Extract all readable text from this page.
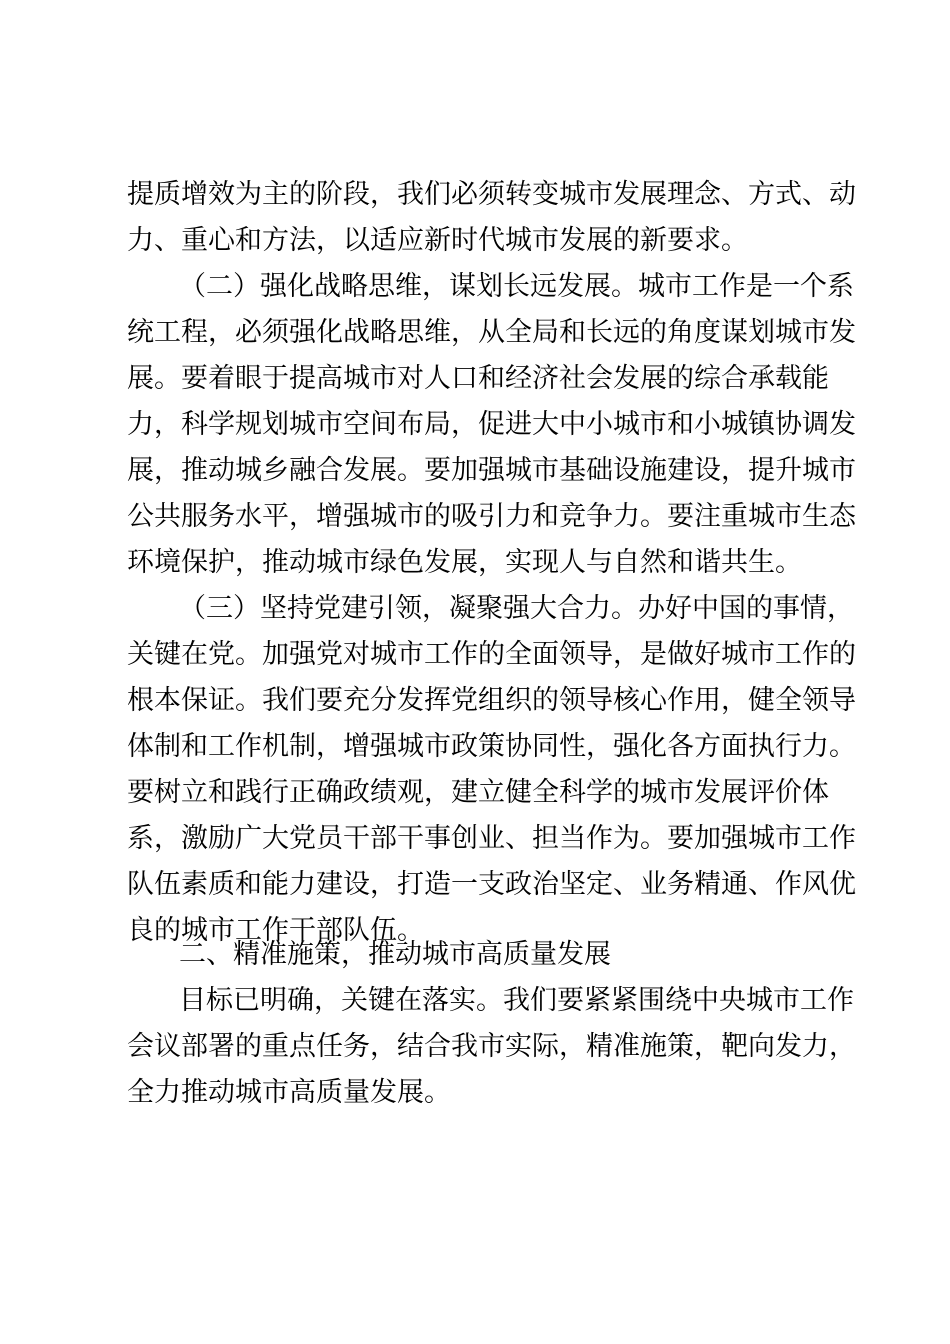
提质增效为主的阶段，我们必须转变城市发展理念、方式、动
力、重心和方法，以适应新时代城市发展的新要求。
（二）强化战略思维，谋划长远发展。城市工作是一个系
统工程，必须强化战略思维，从全局和长远的角度谋划城市发
展。要着眼于提高城市对人口和经济社会发展的综合承载能
力，科学规划城市空间布局，促进大中小城市和小城镇协调发
展，推动城乡融合发展。要加强城市基础设施建设，提升城市
公共服务水平，增强城市的吸引力和竞争力。要注重城市生态
环境保护，推动城市绿色发展，实现人与自然和谐共生。
（三）坚持党建引领，凝聚强大合力。办好中国的事情，
关键在党。加强党对城市工作的全面领导，是做好城市工作的
根本保证。我们要充分发挥党组织的领导核心作用，健全领导
体制和工作机制，增强城市政策协同性，强化各方面执行力。
要树立和践行正确政绩观，建立健全科学的城市发展评价体
系，激励广大党员干部干事创业、担当作为。要加强城市工作
队伍素质和能力建设，打造一支政治坚定、业务精通、作风优
良的城市工作干部队伍。
二、精准施策，推动城市高质量发展
目标已明确，关键在落实。我们要紧紧围绕中央城市工作
会议部署的重点任务，结合我市实际，精准施策，靶向发力，
全力推动城市高质量发展。
